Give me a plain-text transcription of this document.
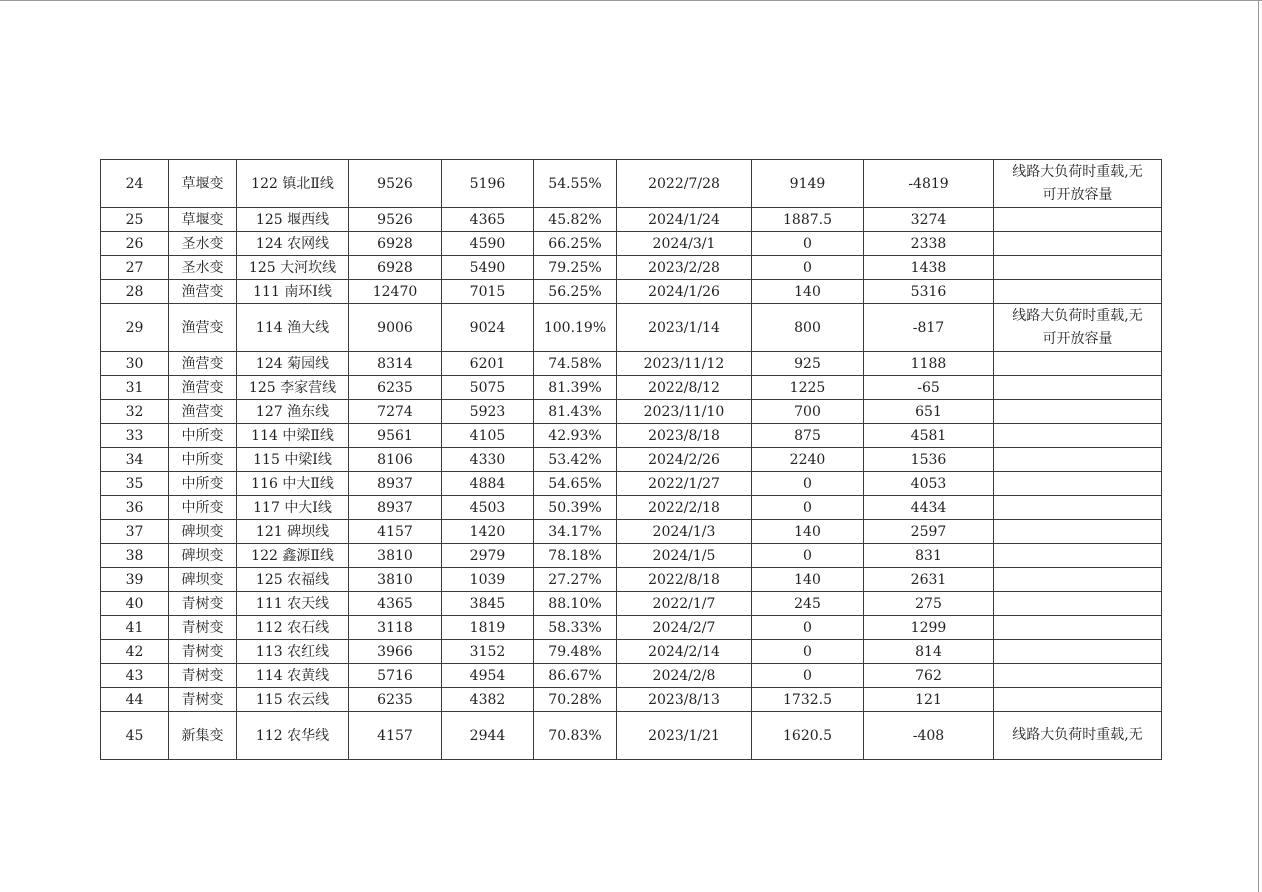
24	草堰变	122 镇北Ⅱ线	9526	5196	54.55%	2022/7/28	9149	-4819	线路大负荷时重载,无
可开放容量

25	草堰变	125 堰西线	9526	4365	45.82%	2024/1/24	1887.5	3274	

26	圣水变	124 农网线	6928	4590	66.25%	2024/3/1	0	2338	

27	圣水变	125 大河坎线	6928	5490	79.25%	2023/2/28	0	1438	

28	渔营变	111 南环Ⅰ线	12470	7015	56.25%	2024/1/26	140	5316	

29	渔营变	114 渔大线	9006	9024	100.19%	2023/1/14	800	-817	线路大负荷时重载,无
可开放容量

30	渔营变	124 菊园线	8314	6201	74.58%	2023/11/12	925	1188	

31	渔营变	125 李家营线	6235	5075	81.39%	2022/8/12	1225	-65	

32	渔营变	127 渔东线	7274	5923	81.43%	2023/11/10	700	651	

33	中所变	114 中梁Ⅱ线	9561	4105	42.93%	2023/8/18	875	4581	

34	中所变	115 中梁Ⅰ线	8106	4330	53.42%	2024/2/26	2240	1536	

35	中所变	116 中大Ⅱ线	8937	4884	54.65%	2022/1/27	0	4053	

36	中所变	117 中大Ⅰ线	8937	4503	50.39%	2022/2/18	0	4434	

37	碑坝变	121 碑坝线	4157	1420	34.17%	2024/1/3	140	2597	

38	碑坝变	122 鑫源Ⅱ线	3810	2979	78.18%	2024/1/5	0	831	

39	碑坝变	125 农福线	3810	1039	27.27%	2022/8/18	140	2631	

40	青树变	111 农天线	4365	3845	88.10%	2022/1/7	245	275	

41	青树变	112 农石线	3118	1819	58.33%	2024/2/7	0	1299	

42	青树变	113 农红线	3966	3152	79.48%	2024/2/14	0	814	

43	青树变	114 农黄线	5716	4954	86.67%	2024/2/8	0	762	

44	青树变	115 农云线	6235	4382	70.28%	2023/8/13	1732.5	121	

45	新集变	112 农华线	4157	2944	70.83%	2023/1/21	1620.5	-408	线路大负荷时重载,无
